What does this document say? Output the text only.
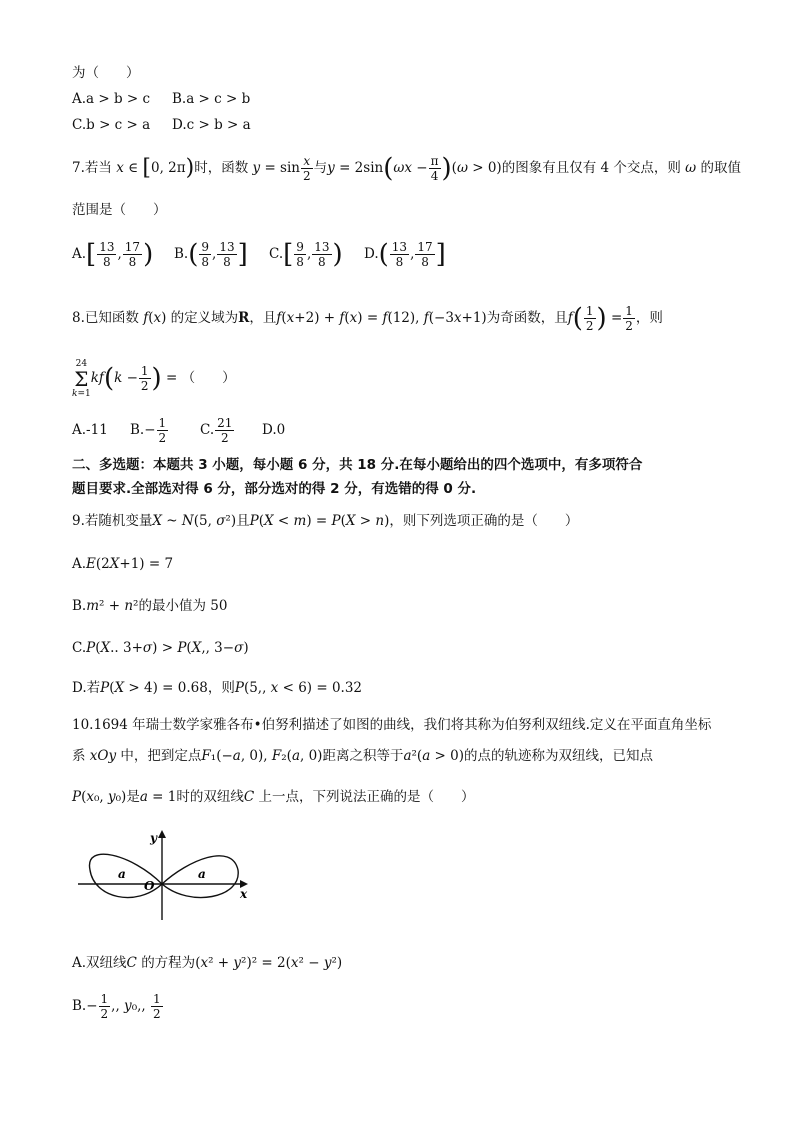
为（　　）
A.a > b > c B.a > c > b
C.b > c > a D.c > b > a
7.若当 x ∈ [0, 2π)时，函数 $y = \sin \frac{x}{2}$ 与$y = 2\sin(\omega x - \frac{\pi}{4} )(\omega > 0)$的图象有且仅有 4 个交点，则 ω 的取值
范围是（　　）
$A.[ \frac{13}{8}$ , $\frac{17}{8}$ ) $B.( \frac{9}{8}$ , $\frac{13}{8}$ ] $C.[ \frac{9}{8}$ , $\frac{13}{8}$ ) $D.( \frac{13}{8}$ , $\frac{17}{8}$ ]
8.已知函数 f(x) 的定义域为R，且f(x+2) + f(x) = f(12), f(−3x+1)为奇函数，且$f( \frac{1}{2}$ ) = $\frac{1}{2}$ ，则
24
Σ
k=1
$kf(k - \frac{1}{2}$ ) = （　　）
A.-11 $B.- \frac{1}{2} C$. $\frac{21}{2} D.0$
二、多选题：本题共 3 小题，每小题 6 分，共 18 分.在每小题给出的四个选项中，有多项符合
题目要求.全部选对得 6 分，部分选对的得 2 分，有选错的得 0 分.
9.若随机变量X ~ N(5, σ²)且P(X < m) = P(X > n)，则下列选项正确的是（　　）
A.E(2X+1) = 7
B.m² + n²的最小值为 50
C.P(X.. 3+σ) > P(X,, 3−σ)
D.若P(X > 4) = 0.68，则P(5,, x < 6) = 0.32
10.1694 年瑞士数学家雅各布•伯努利描述了如图的曲线，我们将其称为伯努利双纽线.定义在平面直角坐标
系 xOy 中，把到定点F₁(−a, 0), F₂(a, 0)距离之积等于a²(a > 0)的点的轨迹称为双纽线，已知点
P(x₀, y₀)是a = 1时的双纽线C 上一点，下列说法正确的是（　　）
y
x
O
a	a
A.双纽线C 的方程为(x² + y²)² = 2(x² − y²)
$B.- \frac{1}{2}$ ,, y₀,, $\frac{1}{2}$
